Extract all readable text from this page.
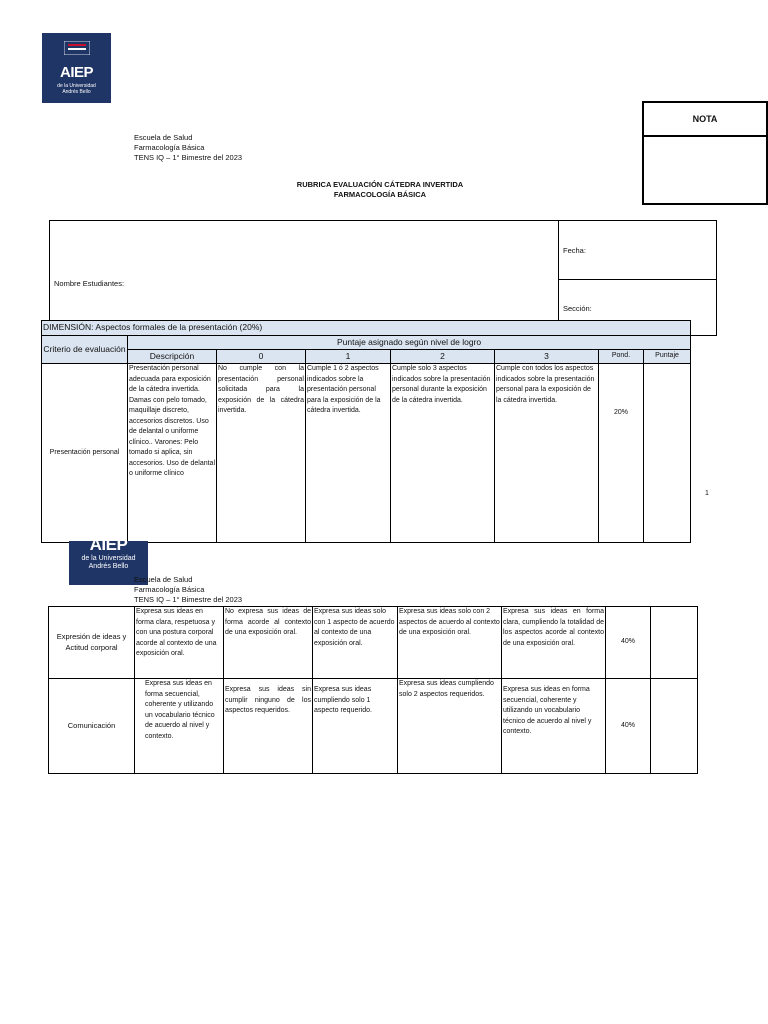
AIEP
de la Universidad
Andrés Bello
NOTA
Escuela de Salud
Farmacología Básica
TENS IQ – 1° Bimestre del 2023
RUBRICA EVALUACIÓN CÁTEDRA INVERTIDA
FARMACOLOGÍA BÁSICA
Nombre Estudiantes:
Fecha:
Sección:
DIMENSIÓN: Aspectos formales de la presentación (20%)							
Criterio de evaluación	Puntaje asignado según nivel de logro						
	Descripción	0	1	2	3	Pond.	Puntaje
Presentación personal	Presentación personal adecuada para exposición de la cátedra invertida. Damas con pelo tomado, maquillaje discreto, accesorios discretos. Uso de delantal o uniforme clínico.. Varones: Pelo tomado si aplica, sin accesorios. Uso de delantal o uniforme clínico	No cumple con la presentación personal solicitada para la exposición de la cátedra invertida.	Cumple 1 ó 2 aspectos indicados sobre la presentación personal para la exposición de la cátedra invertida.	Cumple solo 3 aspectos indicados sobre la presentación personal durante la exposición de la cátedra invertida.	Cumple con todos los aspectos indicados sobre la presentación personal para la exposición de la cátedra invertida.	20%	
1
AIEP
de la Universidad
Andrés Bello
Escuela de Salud
Farmacología Básica
TENS IQ – 1° Bimestre del 2023
Expresión de ideas y Actitud corporal	Expresa sus ideas en forma clara, respetuosa y con una postura corporal acorde al contexto de una exposición oral.	No expresa sus ideas de forma acorde al contexto de una exposición oral.	Expresa sus ideas solo con 1 aspecto de acuerdo al contexto de una exposición oral.	Expresa sus ideas solo con 2 aspectos de acuerdo al contexto de una exposición oral.	Expresa sus ideas en forma clara, cumpliendo la totalidad de los aspectos acorde al contexto de una exposición oral.	40%	
Comunicación	Expresa sus ideas en forma secuencial, coherente y utilizando un vocabulario técnico de acuerdo al nivel y contexto.	Expresa sus ideas sin cumplir ninguno de los aspectos requeridos.	Expresa sus ideas cumpliendo solo 1 aspecto requerido.	Expresa sus ideas cumpliendo solo 2 aspectos requeridos.	Expresa sus ideas en forma secuencial, coherente y utilizando un vocabulario técnico de acuerdo al nivel y contexto.	40%	
